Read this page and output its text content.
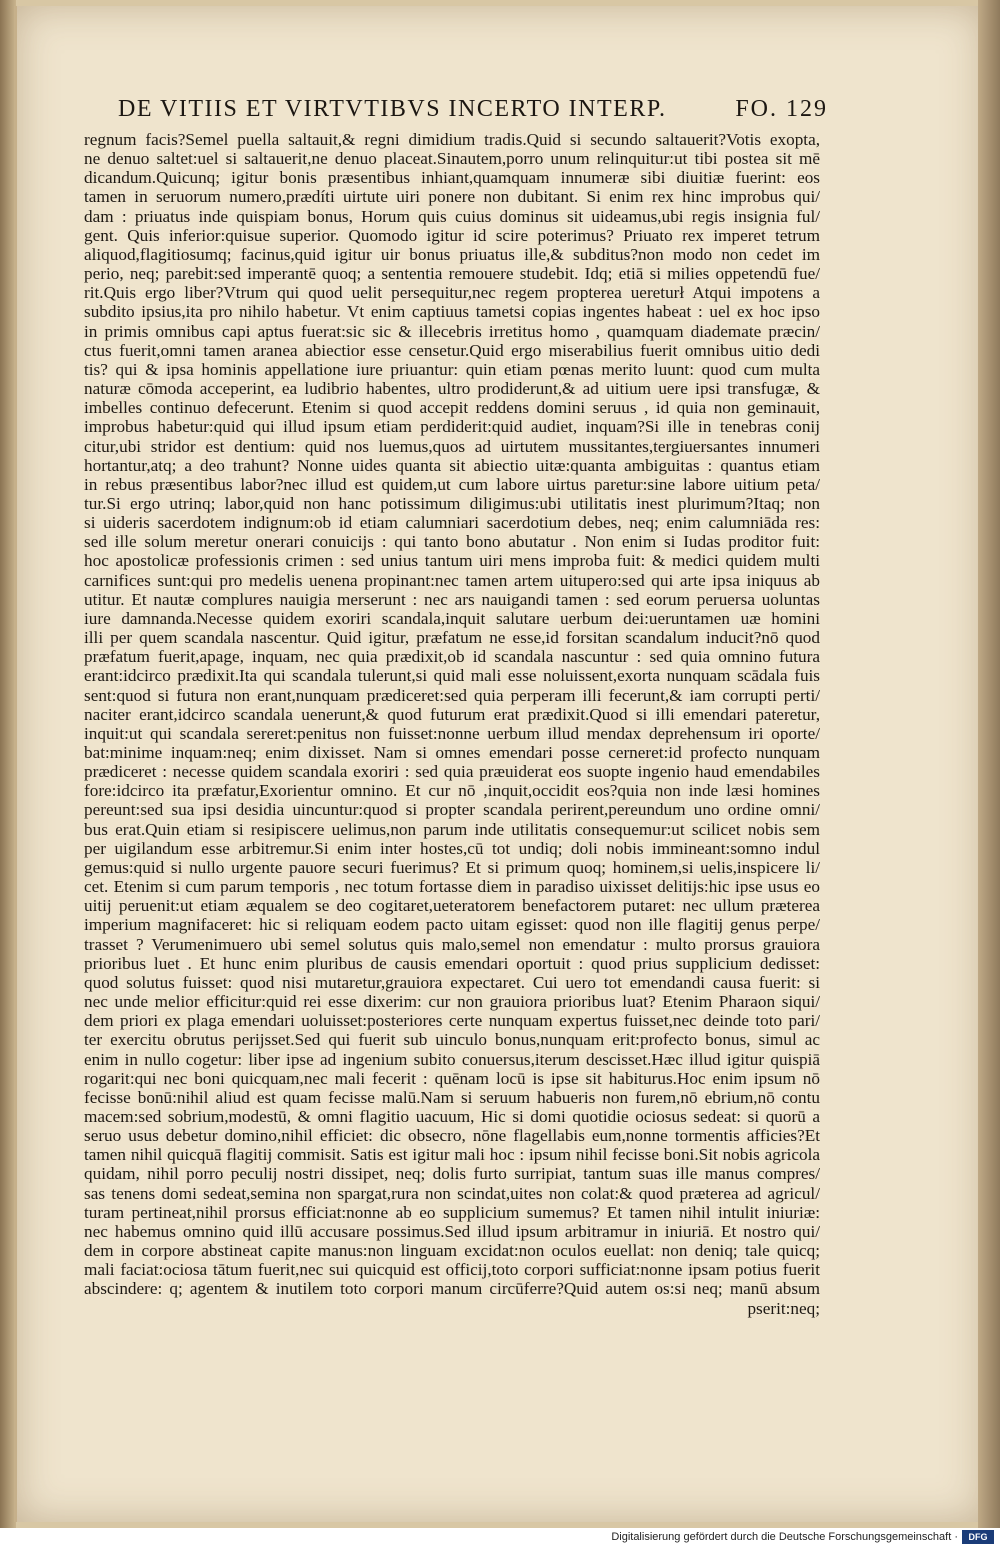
DE VITIIS ET VIRTVTIBVS INCERTO INTERP.	FO. 129
regnum facis?Semel puella saltauit,& regni dimidium tradis.Quid si secundo saltauerit?Votis exopta,
ne denuo saltet:uel si saltauerit,ne denuo placeat.Sinautem,porro unum relinquitur:ut tibi postea sit mē
dicandum.Quicunq; igitur bonis præsentibus inhiant,quamquam innumeræ sibi diuitiæ fuerint: eos
tamen in seruorum numero,prædíti uirtute uiri ponere non dubitant. Si enim rex hinc improbus qui/
dam : priuatus inde quispiam bonus, Horum quis cuius dominus sit uideamus,ubi regis insignia ful/
gent. Quis inferior:quisue superior. Quomodo igitur id scire poterimus? Priuato rex imperet tetrum
aliquod,flagitiosumq; facinus,quid igitur uir bonus priuatus ille,& subditus?non modo non cedet im
perio, neq; parebit:sed imperantē quoq; a sententia remouere studebit. Idq; etiā si milies oppetendū fue/
rit.Quis ergo liber?Vtrum qui quod uelit persequitur,nec regem propterea uereturł Atqui impotens a
subdito ipsius,ita pro nihilo habetur. Vt enim captiuus tametsi copias ingentes habeat : uel ex hoc ipso
in primis omnibus capi aptus fuerat:sic sic & illecebris irretitus homo , quamquam diademate præcin/
ctus fuerit,omni tamen aranea abiectior esse censetur.Quid ergo miserabilius fuerit omnibus uitio dedi
tis? qui & ipsa hominis appellatione iure priuantur: quin etiam pœnas merito luunt: quod cum multa
naturæ cōmoda acceperint, ea ludibrio habentes, ultro prodiderunt,& ad uitium uere ipsi transfugæ, &
imbelles continuo defecerunt. Etenim si quod accepit reddens domini seruus , id quia non geminauit,
improbus habetur:quid qui illud ipsum etiam perdiderit:quid audiet, inquam?Si ille in tenebras conij
citur,ubi stridor est dentium: quid nos luemus,quos ad uirtutem mussitantes,tergiuersantes innumeri
hortantur,atq; a deo trahunt? Nonne uides quanta sit abiectio uitæ:quanta ambiguitas : quantus etiam
in rebus præsentibus labor?nec illud est quidem,ut cum labore uirtus paretur:sine labore uitium peta/
tur.Si ergo utrinq; labor,quid non hanc potissimum diligimus:ubi utilitatis inest plurimum?Itaq; non
si uideris sacerdotem indignum:ob id etiam calumniari sacerdotium debes, neq; enim calumniāda res:
sed ille solum meretur onerari conuicijs : qui tanto bono abutatur . Non enim si Iudas proditor fuit:
hoc apostolicæ professionis crimen : sed unius tantum uiri mens improba fuit: & medici quidem multi
carnifices sunt:qui pro medelis uenena propinant:nec tamen artem uitupero:sed qui arte ipsa iniquus ab
utitur. Et nautæ complures nauigia merserunt : nec ars nauigandi tamen : sed eorum peruersa uoluntas
iure damnanda.Necesse quidem exoriri scandala,inquit salutare uerbum dei:ueruntamen uæ homini
illi per quem scandala nascentur. Quid igitur, præfatum ne esse,id forsitan scandalum inducit?nō quod
præfatum fuerit,apage, inquam, nec quia prædixit,ob id scandala nascuntur : sed quia omnino futura
erant:idcirco prædixit.Ita qui scandala tulerunt,si quid mali esse noluissent,exorta nunquam scādala fuis
sent:quod si futura non erant,nunquam prædiceret:sed quia perperam illi fecerunt,& iam corrupti perti/
naciter erant,idcirco scandala uenerunt,& quod futurum erat prædixit.Quod si illi emendari pateretur,
inquit:ut qui scandala sereret:penitus non fuisset:nonne uerbum illud mendax deprehensum iri oporte/
bat:minime inquam:neq; enim dixisset. Nam si omnes emendari posse cerneret:id profecto nunquam
prædiceret : necesse quidem scandala exoriri : sed quia præuiderat eos suopte ingenio haud emendabiles
fore:idcirco ita præfatur,Exorientur omnino. Et cur nō ,inquit,occidit eos?quia non inde læsi homines
pereunt:sed sua ipsi desidia uincuntur:quod si propter scandala perirent,pereundum uno ordine omni/
bus erat.Quin etiam si resipiscere uelimus,non parum inde utilitatis consequemur:ut scilicet nobis sem
per uigilandum esse arbitremur.Si enim inter hostes,cū tot undiq; doli nobis immineant:somno indul
gemus:quid si nullo urgente pauore securi fuerimus? Et si primum quoq; hominem,si uelis,inspicere li/
cet. Etenim si cum parum temporis , nec totum fortasse diem in paradiso uixisset delitijs:hic ipse usus eo
uitij peruenit:ut etiam æqualem se deo cogitaret,ueteratorem benefactorem putaret: nec ullum præterea
imperium magnifaceret: hic si reliquam eodem pacto uitam egisset: quod non ille flagitij genus perpe/
trasset ? Verumenimuero ubi semel solutus quis malo,semel non emendatur : multo prorsus grauiora
prioribus luet . Et hunc enim pluribus de causis emendari oportuit : quod prius supplicium dedisset:
quod solutus fuisset: quod nisi mutaretur,grauiora expectaret. Cui uero tot emendandi causa fuerit: si
nec unde melior efficitur:quid rei esse dixerim: cur non grauiora prioribus luat? Etenim Pharaon siqui/
dem priori ex plaga emendari uoluisset:posteriores certe nunquam expertus fuisset,nec deinde toto pari/
ter exercitu obrutus perijsset.Sed qui fuerit sub uinculo bonus,nunquam erit:profecto bonus, simul ac
enim in nullo cogetur: liber ipse ad ingenium subito conuersus,iterum descisset.Hæc illud igitur quispiā
rogarit:qui nec boni quicquam,nec mali fecerit : quēnam locū is ipse sit habiturus.Hoc enim ipsum nō
fecisse bonū:nihil aliud est quam fecisse malū.Nam si seruum habueris non furem,nō ebrium,nō contu
macem:sed sobrium,modestū, & omni flagitio uacuum, Hic si domi quotidie ociosus sedeat: si quorū a
seruo usus debetur domino,nihil efficiet: dic obsecro, nōne flagellabis eum,nonne tormentis afficies?Et
tamen nihil quicquā flagitij commisit. Satis est igitur mali hoc : ipsum nihil fecisse boni.Sit nobis agricola
quidam, nihil porro peculij nostri dissipet, neq; dolis furto surripiat, tantum suas ille manus compres/
sas tenens domi sedeat,semina non spargat,rura non scindat,uites non colat:& quod præterea ad agricul/
turam pertineat,nihil prorsus efficiat:nonne ab eo supplicium sumemus? Et tamen nihil intulit iniuriæ:
nec habemus omnino quid illū accusare possimus.Sed illud ipsum arbitramur in iniuriā. Et nostro qui/
dem in corpore abstineat capite manus:non linguam excidat:non oculos euellat: non deniq; tale quicq;
mali faciat:ociosa tātum fuerit,nec sui quicquid est officij,toto corpori sufficiat:nonne ipsam potius fuerit
abscindere: q; agentem & inutilem toto corpori manum circūferre?Quid autem os:si neq; manū absum
pserit:neq;
Digitalisierung gefördert durch die Deutsche Forschungsgemeinschaft ·	DFG
